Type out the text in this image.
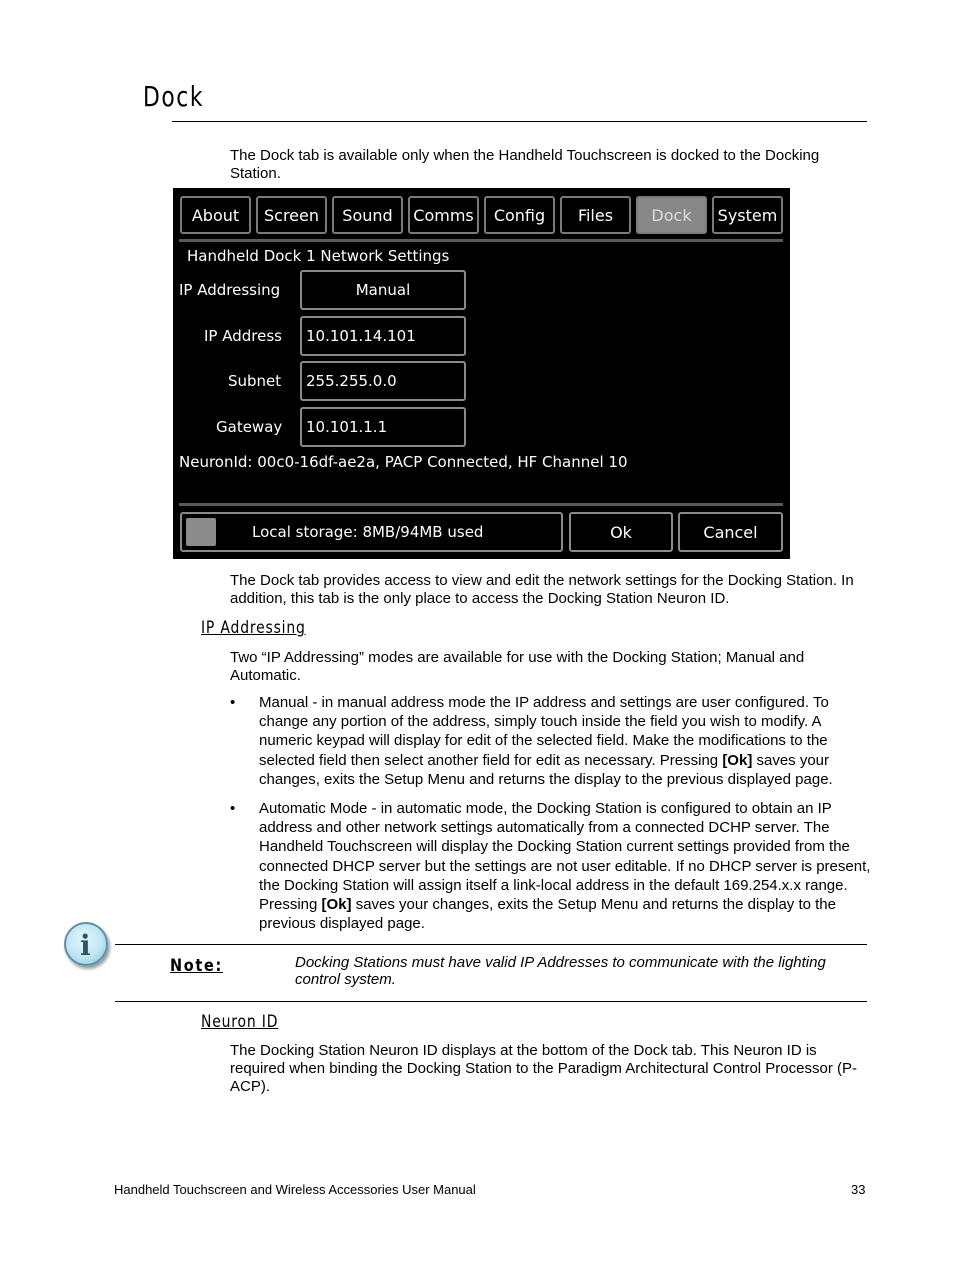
Dock
The Dock tab is available only when the Handheld Touchscreen is docked to the Docking Station.
About	Screen	Sound	Comms	Config	Files	Dock	System
Handheld Dock 1 Network Settings
IP Addressing	Manual
IP Address	10.101.14.101
Subnet	255.255.0.0
Gateway	10.101.1.1
NeuronId: 00c0-16df-ae2a, PACP Connected, HF Channel 10
Local storage: 8MB/94MB used	Ok	Cancel
The Dock tab provides access to view and edit the network settings for the Docking Station. In addition, this tab is the only place to access the Docking Station Neuron ID.
IP Addressing
Two “IP Addressing” modes are available for use with the Docking Station; Manual and Automatic.
• Manual - in manual address mode the IP address and settings are user configured. To change any portion of the address, simply touch inside the field you wish to modify. A numeric keypad will display for edit of the selected field. Make the modifications to the selected field then select another field for edit as necessary. Pressing [Ok] saves your changes, exits the Setup Menu and returns the display to the previous displayed page.
• Automatic Mode - in automatic mode, the Docking Station is configured to obtain an IP address and other network settings automatically from a connected DCHP server. The Handheld Touchscreen will display the Docking Station current settings provided from the connected DHCP server but the settings are not user editable. If no DHCP server is present, the Docking Station will assign itself a link-local address in the default 169.254.x.x range. Pressing [Ok] saves your changes, exits the Setup Menu and returns the display to the previous displayed page.
i
Note:	Docking Stations must have valid IP Addresses to communicate with the lighting control system.
Neuron ID
The Docking Station Neuron ID displays at the bottom of the Dock tab. This Neuron ID is required when binding the Docking Station to the Paradigm Architectural Control Processor (P-ACP).
Handheld Touchscreen and Wireless Accessories User Manual	33
